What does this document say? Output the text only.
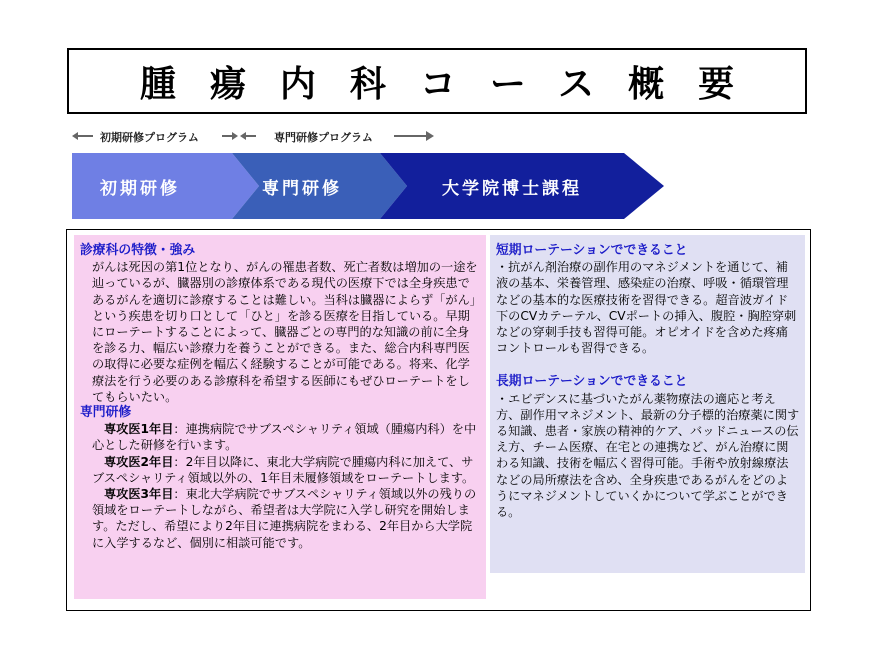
腫瘍内科コース概要
初期研修プログラム	専門研修プログラム
初期研修	専門研修	大学院博士課程
診療科の特徴・強み
がんは死因の第1位となり、がんの罹患者数、死亡者数は増加の一途を辿っているが、臓器別の診療体系である現代の医療下では全身疾患であるがんを適切に診療することは難しい。当科は臓器によらず「がん」という疾患を切り口として「ひと」を診る医療を目指している。早期にローテートすることによって、臓器ごとの専門的な知識の前に全身を診る力、幅広い診療力を養うことができる。また、総合内科専門医の取得に必要な症例を幅広く経験することが可能である。将来、化学療法を行う必要のある診療科を希望する医師にもぜひローテートをしてもらいたい。
専門研修
専攻医1年目：連携病院でサブスペシャリティ領域（腫瘍内科）を中心とした研修を行います。
専攻医2年目：2年目以降に、東北大学病院で腫瘍内科に加えて、サブスペシャリティ領域以外の、1年目未履修領域をローテートします。
専攻医3年目：東北大学病院でサブスペシャリティ領域以外の残りの領域をローテートしながら、希望者は大学院に入学し研究を開始します。ただし、希望により2年目に連携病院をまわる、2年目から大学院に入学するなど、個別に相談可能です。
短期ローテーションでできること
・抗がん剤治療の副作用のマネジメントを通じて、補液の基本、栄養管理、感染症の治療、呼吸・循環管理などの基本的な医療技術を習得できる。超音波ガイド下のCVカテーテル、CVポートの挿入、腹腔・胸腔穿刺などの穿刺手技も習得可能。オピオイドを含めた疼痛コントロールも習得できる。
長期ローテーションでできること
・エビデンスに基づいたがん薬物療法の適応と考え方、副作用マネジメント、最新の分子標的治療薬に関する知識、患者・家族の精神的ケア、バッドニュースの伝え方、チーム医療、在宅との連携など、がん治療に関わる知識、技術を幅広く習得可能。手術や放射線療法などの局所療法を含め、全身疾患であるがんをどのようにマネジメントしていくかについて学ぶことができる。
